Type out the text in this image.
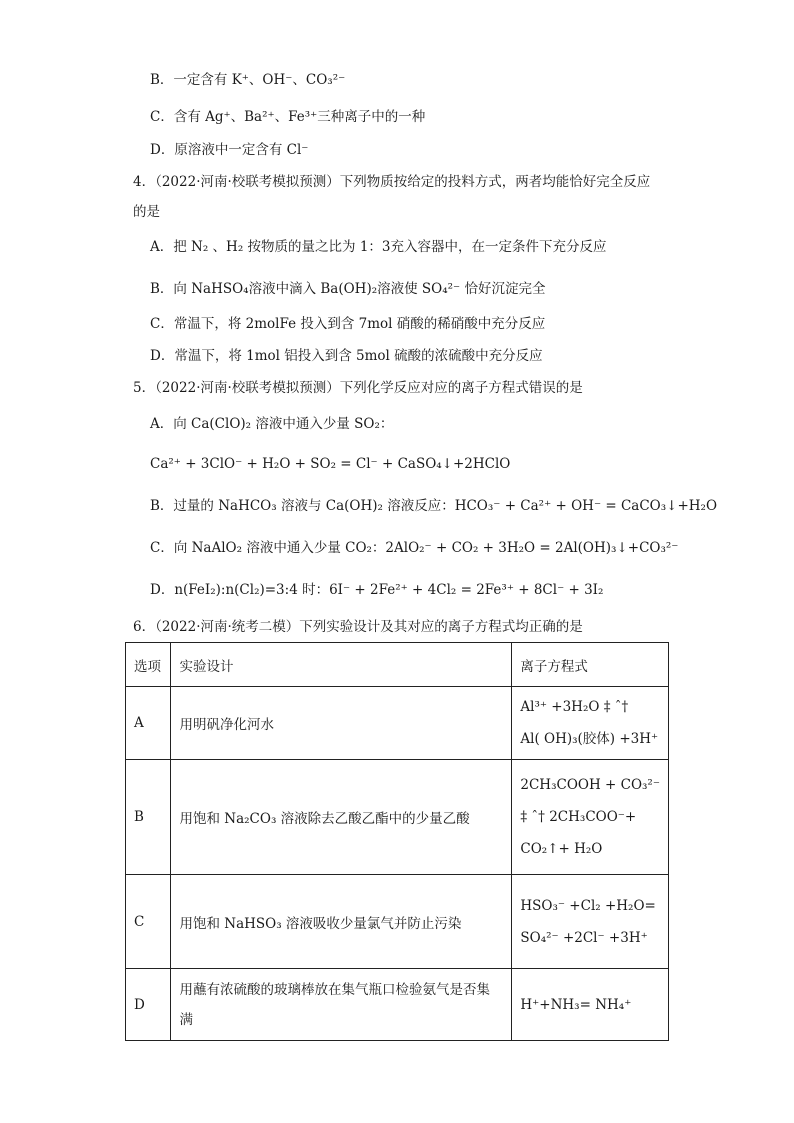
B．一定含有 K⁺、OH⁻、CO₃²⁻
C．含有 Ag⁺、Ba²⁺、Fe³⁺三种离子中的一种
D．原溶液中一定含有 Cl⁻
4．（2022·河南·校联考模拟预测）下列物质按给定的投料方式，两者均能恰好完全反应
的是
A．把 N₂ 、H₂ 按物质的量之比为 1：3充入容器中，在一定条件下充分反应
B．向 NaHSO₄溶液中滴入 Ba(OH)₂溶液使 SO₄²⁻ 恰好沉淀完全
C．常温下，将 2molFe 投入到含 7mol 硝酸的稀硝酸中充分反应
D．常温下，将 1mol 铝投入到含 5mol 硫酸的浓硫酸中充分反应
5．（2022·河南·校联考模拟预测）下列化学反应对应的离子方程式错误的是
A．向 Ca(ClO)₂ 溶液中通入少量 SO₂：
Ca²⁺ + 3ClO⁻ + H₂O + SO₂ = Cl⁻ + CaSO₄↓+2HClO
B．过量的 NaHCO₃ 溶液与 Ca(OH)₂ 溶液反应：HCO₃⁻ + Ca²⁺ + OH⁻ = CaCO₃↓+H₂O
C．向 NaAlO₂ 溶液中通入少量 CO₂：2AlO₂⁻ + CO₂ + 3H₂O = 2Al(OH)₃↓+CO₃²⁻
D．n(FeI₂):n(Cl₂)=3:4 时：6I⁻ + 2Fe²⁺ + 4Cl₂ = 2Fe³⁺ + 8Cl⁻ + 3I₂
6．（2022·河南·统考二模）下列实验设计及其对应的离子方程式均正确的是
选项	实验设计	离子方程式
A	用明矾净化河水	Al³⁺ +3H₂O ‡ ˆ†
Al( OH)₃(胶体) +3H⁺

B	用饱和 Na₂CO₃ 溶液除去乙酸乙酯中的少量乙酸	2CH₃COOH + CO₃²⁻
‡ ˆ† 2CH₃COO⁻+
CO₂↑+ H₂O

C	用饱和 NaHSO₃ 溶液吸收少量氯气并防止污染	HSO₃⁻ +Cl₂ +H₂O=
SO₄²⁻ +2Cl⁻ +3H⁺

D	用蘸有浓硫酸的玻璃棒放在集气瓶口检验氨气是否集
满	H⁺+NH₃= NH₄⁺
